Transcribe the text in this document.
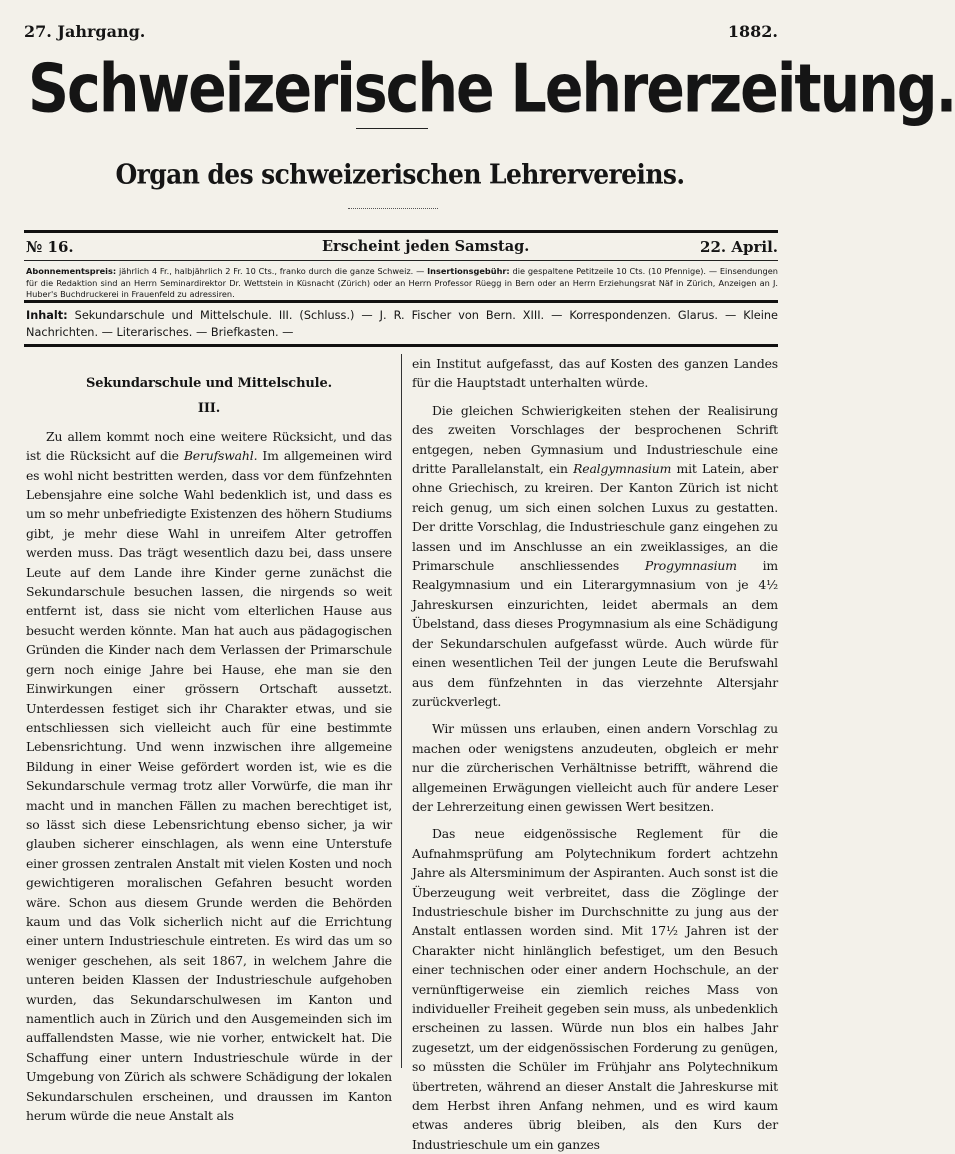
27. Jahrgang.	1882.
Schweizerische Lehrerzeitung.
Organ des schweizerischen Lehrervereins.
№ 16.	Erscheint jeden Samstag.	22. April.
Abonnementspreis: jährlich 4 Fr., halbjährlich 2 Fr. 10 Cts., franko durch die ganze Schweiz. — Insertionsgebühr: die gespaltene Petitzeile 10 Cts. (10 Pfennige). — Einsendungen für die Redaktion sind an Herrn Seminardirektor Dr. Wettstein in Küsnacht (Zürich) oder an Herrn Professor Rüegg in Bern oder an Herrn Erziehungsrat Näf in Zürich, Anzeigen an J. Huber's Buchdruckerei in Frauenfeld zu adressiren.
Inhalt: Sekundarschule und Mittelschule. III. (Schluss.) — J. R. Fischer von Bern. XIII. — Korrespondenzen. Glarus. — Kleine Nachrichten. — Literarisches. — Briefkasten. —
Sekundarschule und Mittelschule.
III.

Zu allem kommt noch eine weitere Rücksicht, und das ist die Rücksicht auf die Berufswahl. Im allgemeinen wird es wohl nicht bestritten werden, dass vor dem fünfzehnten Lebensjahre eine solche Wahl bedenklich ist, und dass es um so mehr unbefriedigte Existenzen des höhern Studiums gibt, je mehr diese Wahl in unreifem Alter getroffen werden muss. Das trägt wesentlich dazu bei, dass unsere Leute auf dem Lande ihre Kinder gerne zunächst die Sekundarschule besuchen lassen, die nirgends so weit entfernt ist, dass sie nicht vom elterlichen Hause aus besucht werden könnte. Man hat auch aus pädagogischen Gründen die Kinder nach dem Verlassen der Primarschule gern noch einige Jahre bei Hause, ehe man sie den Einwirkungen einer grössern Ortschaft aussetzt. Unterdessen festiget sich ihr Charakter etwas, und sie entschliessen sich vielleicht auch für eine bestimmte Lebensrichtung. Und wenn inzwischen ihre allgemeine Bildung in einer Weise gefördert worden ist, wie es die Sekundarschule vermag trotz aller Vorwürfe, die man ihr macht und in manchen Fällen zu machen berechtiget ist, so lässt sich diese Lebensrichtung ebenso sicher, ja wir glauben sicherer einschlagen, als wenn eine Unterstufe einer grossen zentralen Anstalt mit vielen Kosten und noch gewichtigeren moralischen Gefahren besucht worden wäre. Schon aus diesem Grunde werden die Behörden kaum und das Volk sicherlich nicht auf die Errichtung einer untern Industrieschule eintreten. Es wird das um so weniger geschehen, als seit 1867, in welchem Jahre die unteren beiden Klassen der Industrieschule aufgehoben wurden, das Sekundarschulwesen im Kanton und namentlich auch in Zürich und den Ausgemeinden sich im auffallendsten Masse, wie nie vorher, entwickelt hat. Die Schaffung einer untern Industrieschule würde in der Umgebung von Zürich als schwere Schädigung der lokalen Sekundarschulen erscheinen, und draussen im Kanton herum würde die neue Anstalt als

ein Institut aufgefasst, das auf Kosten des ganzen Landes für die Hauptstadt unterhalten würde.

Die gleichen Schwierigkeiten stehen der Realisirung des zweiten Vorschlages der besprochenen Schrift entgegen, neben Gymnasium und Industrieschule eine dritte Parallelanstalt, ein Realgymnasium mit Latein, aber ohne Griechisch, zu kreiren. Der Kanton Zürich ist nicht reich genug, um sich einen solchen Luxus zu gestatten. Der dritte Vorschlag, die Industrieschule ganz eingehen zu lassen und im Anschlusse an ein zweiklassiges, an die Primarschule anschliessendes Progymnasium im Realgymnasium und ein Literargymnasium von je 4½ Jahreskursen einzurichten, leidet abermals an dem Übelstand, dass dieses Progymnasium als eine Schädigung der Sekundarschulen aufgefasst würde. Auch würde für einen wesentlichen Teil der jungen Leute die Berufswahl aus dem fünfzehnten in das vierzehnte Altersjahr zurückverlegt.

Wir müssen uns erlauben, einen andern Vorschlag zu machen oder wenigstens anzudeuten, obgleich er mehr nur die zürcherischen Verhältnisse betrifft, während die allgemeinen Erwägungen vielleicht auch für andere Leser der Lehrerzeitung einen gewissen Wert besitzen.

Das neue eidgenössische Reglement für die Aufnahmsprüfung am Polytechnikum fordert achtzehn Jahre als Altersminimum der Aspiranten. Auch sonst ist die Überzeugung weit verbreitet, dass die Zöglinge der Industrieschule bisher im Durchschnitte zu jung aus der Anstalt entlassen worden sind. Mit 17½ Jahren ist der Charakter nicht hinlänglich befestiget, um den Besuch einer technischen oder einer andern Hochschule, an der vernünftigerweise ein ziemlich reiches Mass von individueller Freiheit gegeben sein muss, als unbedenklich erscheinen zu lassen. Würde nun blos ein halbes Jahr zugesetzt, um der eidgenössischen Forderung zu genügen, so müssten die Schüler im Frühjahr ans Polytechnikum übertreten, während an dieser Anstalt die Jahreskurse mit dem Herbst ihren Anfang nehmen, und es wird kaum etwas anderes übrig bleiben, als den Kurs der Industrieschule um ein ganzes
